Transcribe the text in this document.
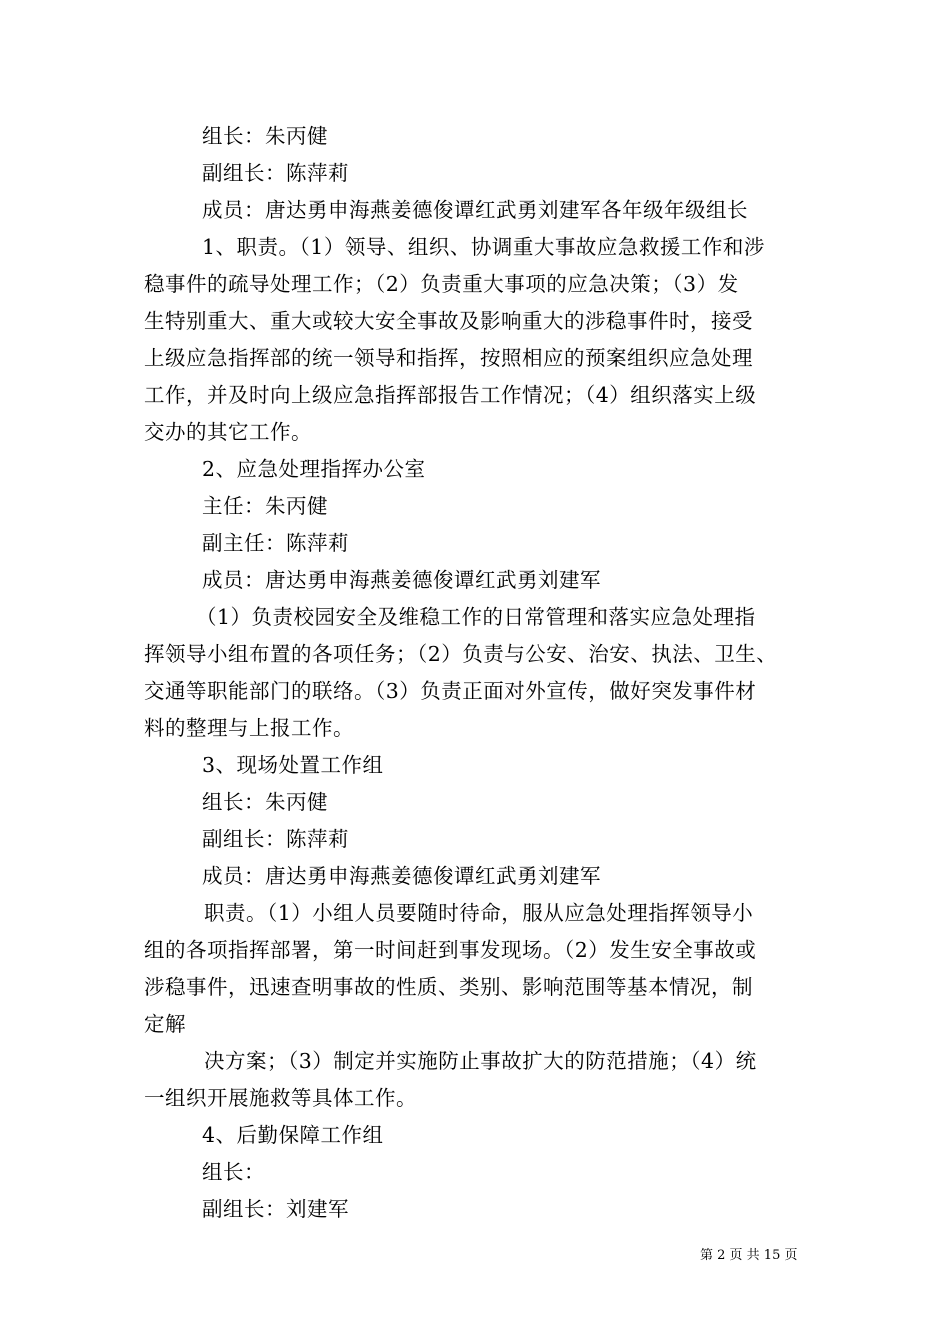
组长：朱丙健
副组长：陈萍莉
成员：唐达勇申海燕姜德俊谭红武勇刘建军各年级年级组长
1、职责。（1）领导、组织、协调重大事故应急救援工作和涉
稳事件的疏导处理工作；（2）负责重大事项的应急决策；（3）发
生特别重大、重大或较大安全事故及影响重大的涉稳事件时，接受
上级应急指挥部的统一领导和指挥，按照相应的预案组织应急处理
工作，并及时向上级应急指挥部报告工作情况；（4）组织落实上级
交办的其它工作。
2、应急处理指挥办公室
主任：朱丙健
副主任：陈萍莉
成员：唐达勇申海燕姜德俊谭红武勇刘建军
（1）负责校园安全及维稳工作的日常管理和落实应急处理指
挥领导小组布置的各项任务；（2）负责与公安、治安、执法、卫生、
交通等职能部门的联络。（3）负责正面对外宣传，做好突发事件材
料的整理与上报工作。
3、现场处置工作组
组长：朱丙健
副组长：陈萍莉
成员：唐达勇申海燕姜德俊谭红武勇刘建军
职责。（1）小组人员要随时待命，服从应急处理指挥领导小
组的各项指挥部署，第一时间赶到事发现场。（2）发生安全事故或
涉稳事件，迅速查明事故的性质、类别、影响范围等基本情况，制
定解
决方案；（3）制定并实施防止事故扩大的防范措施；（4）统
一组织开展施救等具体工作。
4、后勤保障工作组
组长：
副组长：刘建军
第 2 页 共 15 页
